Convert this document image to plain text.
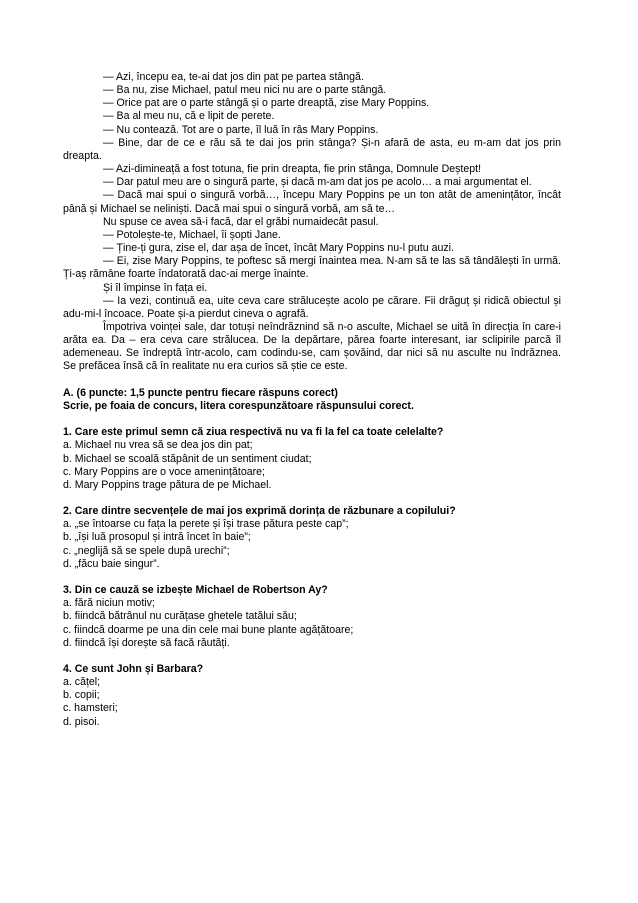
— Azi, începu ea, te-ai dat jos din pat pe partea stângă.

— Ba nu, zise Michael, patul meu nici nu are o parte stângă.

— Orice pat are o parte stângă și o parte dreaptă, zise Mary Poppins.

— Ba al meu nu, că e lipit de perete.

— Nu contează. Tot are o parte, îl luă în râs Mary Poppins.

— Bine, dar de ce e rău să te dai jos prin stânga? Și-n afară de asta, eu m-am dat jos prin dreapta.

— Azi-dimineață a fost totuna, fie prin dreapta, fie prin stânga, Domnule Deștept!

— Dar patul meu are o singură parte, și dacă m-am dat jos pe acolo… a mai argumentat el.

— Dacă mai spui o singură vorbă…, începu Mary Poppins pe un ton atât de amenințător, încât până și Michael se neliniști. Dacă mai spui o singură vorbă, am să te…

Nu spuse ce avea să-i facă, dar el grăbi numaidecât pasul.

— Potolește-te, Michael, îi șopti Jane.

— Ține-ți gura, zise el, dar așa de încet, încât Mary Poppins nu-l putu auzi.

— Ei, zise Mary Poppins, te poftesc să mergi înaintea mea. N-am să te las să tândălești în urmă. Ți-aș rămâne foarte îndatorată dac-ai merge înainte.

Și îl împinse în fața ei.

— Ia vezi, continuă ea, uite ceva care strălucește acolo pe cărare. Fii drăguț și ridică obiectul și adu-mi-l încoace. Poate și-a pierdut cineva o agrafă.

Împotriva voinței sale, dar totuși neîndrăznind să n-o asculte, Michael se uită în direcția în care-i arăta ea. Da – era ceva care strălucea. De la depărtare, părea foarte interesant, iar sclipirile parcă îl ademeneau. Se îndreptă într-acolo, cam codindu-se, cam șovăind, dar nici să nu asculte nu îndrăznea. Se prefăcea însă că în realitate nu era curios să știe ce este.

A. (6 puncte: 1,5 puncte pentru fiecare răspuns corect)

Scrie, pe foaia de concurs, litera corespunzătoare răspunsului corect.

1. Care este primul semn că ziua respectivă nu va fi la fel ca toate celelalte?

a. Michael nu vrea să se dea jos din pat;

b. Michael se scoală stăpânit de un sentiment ciudat;

c. Mary Poppins are o voce amenințătoare;

d. Mary Poppins trage pătura de pe Michael.

2. Care dintre secvențele de mai jos exprimă dorința de răzbunare a copilului?

a. „se întoarse cu fața la perete și își trase pătura peste cap”;

b. „își luă prosopul și intră încet în baie”;

c. „neglijă să se spele după urechi”;

d. „făcu baie singur”.

3. Din ce cauză se izbește Michael de Robertson Ay?

a. fără niciun motiv;

b. fiindcă bătrânul nu curățase ghetele tatălui său;

c. fiindcă doarme pe una din cele mai bune plante agățătoare;

d. fiindcă își dorește să facă răutăți.

4. Ce sunt John și Barbara?

a. cățel;

b. copii;

c. hamsteri;

d. pisoi.
